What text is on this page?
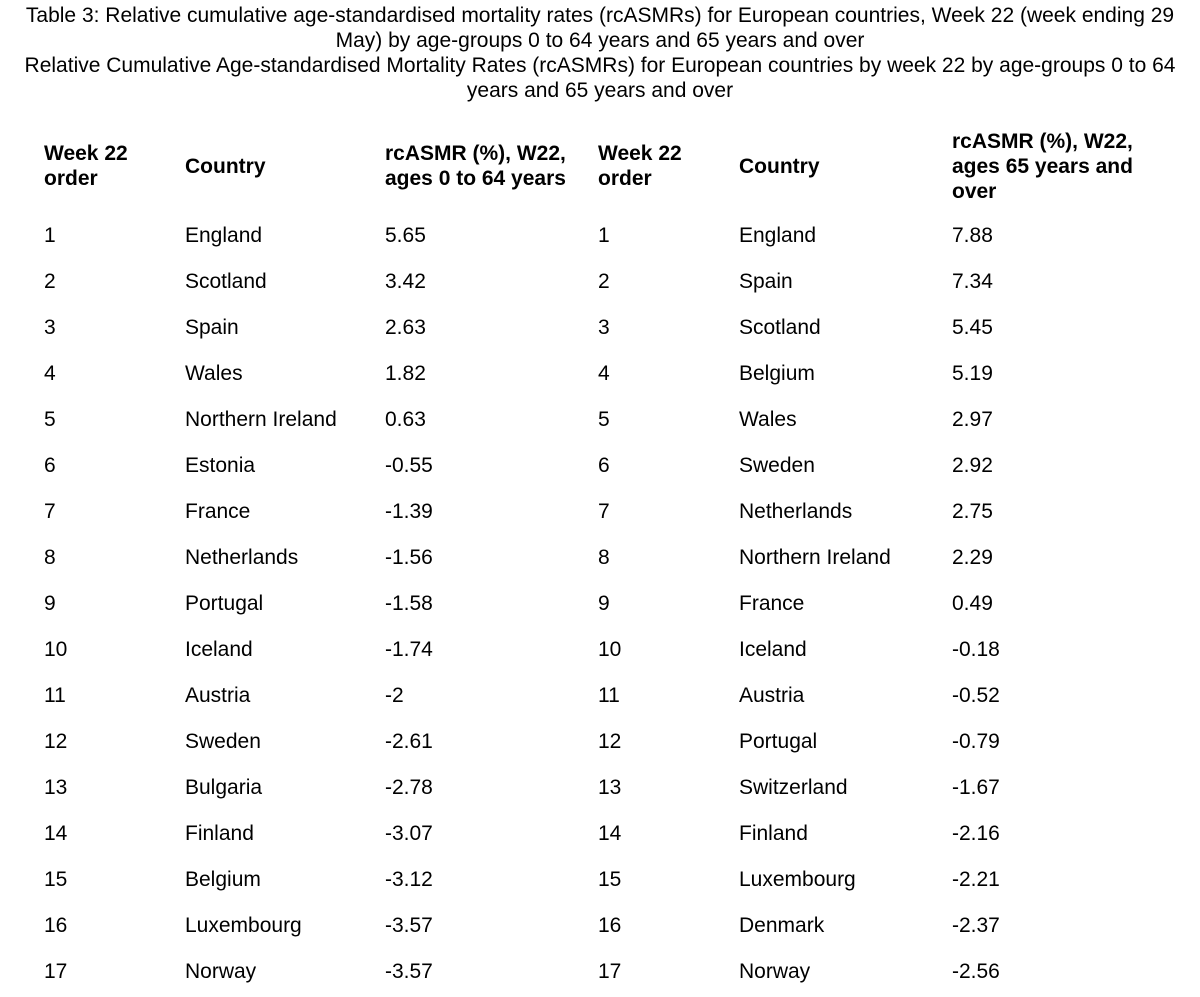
Table 3: Relative cumulative age-standardised mortality rates (rcASMRs) for European countries, Week 22 (week ending 29 May) by age-groups 0 to 64 years and 65 years and over

Relative Cumulative Age-standardised Mortality Rates (rcASMRs) for European countries by week 22 by age-groups 0 to 64 years and 65 years and over

Week 22 order	Country	rcASMR (%), W22, ages 0 to 64 years	Week 22 order	Country	rcASMR (%), W22, ages 65 years and over
1	England	5.65	1	England	7.88
2	Scotland	3.42	2	Spain	7.34
3	Spain	2.63	3	Scotland	5.45
4	Wales	1.82	4	Belgium	5.19
5	Northern Ireland	0.63	5	Wales	2.97
6	Estonia	-0.55	6	Sweden	2.92
7	France	-1.39	7	Netherlands	2.75
8	Netherlands	-1.56	8	Northern Ireland	2.29
9	Portugal	-1.58	9	France	0.49
10	Iceland	-1.74	10	Iceland	-0.18
11	Austria	-2	11	Austria	-0.52
12	Sweden	-2.61	12	Portugal	-0.79
13	Bulgaria	-2.78	13	Switzerland	-1.67
14	Finland	-3.07	14	Finland	-2.16
15	Belgium	-3.12	15	Luxembourg	-2.21
16	Luxembourg	-3.57	16	Denmark	-2.37
17	Norway	-3.57	17	Norway	-2.56
